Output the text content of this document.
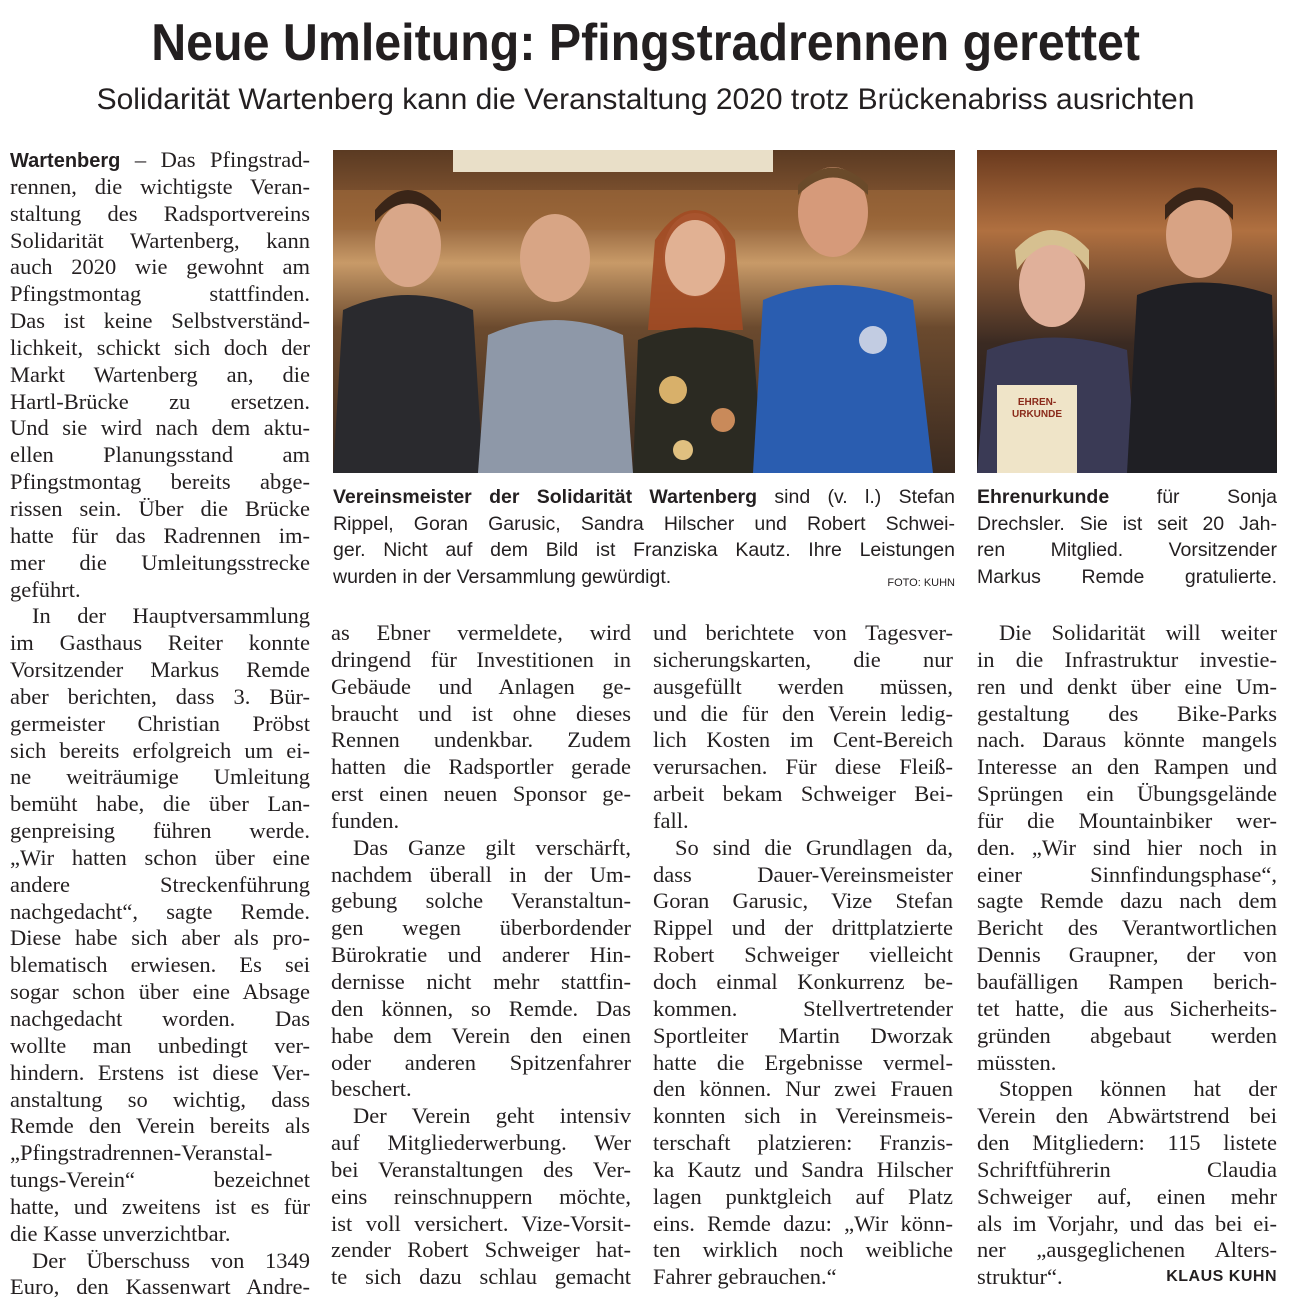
Neue Umleitung: Pfingstradrennen gerettet
Solidarität Wartenberg kann die Veranstaltung 2020 trotz Brückenabriss ausrichten
EHREN-
URKUNDE
Vereinsmeister der Solidarität Wartenberg sind (v. l.) Stefan
Rippel, Goran Garusic, Sandra Hilscher und Robert Schwei-
ger. Nicht auf dem Bild ist Franziska Kautz. Ihre Leistungen
wurden in der Versammlung gewürdigt.	FOTO: KUHN
Ehrenurkunde für Sonja
Drechsler. Sie ist seit 20 Jah-
ren Mitglied. Vorsitzender
Markus Remde gratulierte.
Wartenberg – Das Pfingstrad-
rennen, die wichtigste Veran-
staltung des Radsportvereins
Solidarität Wartenberg, kann
auch 2020 wie gewohnt am
Pfingstmontag stattfinden.
Das ist keine Selbstverständ-
lichkeit, schickt sich doch der
Markt Wartenberg an, die
Hartl-Brücke zu ersetzen.
Und sie wird nach dem aktu-
ellen Planungsstand am
Pfingstmontag bereits abge-
rissen sein. Über die Brücke
hatte für das Radrennen im-
mer die Umleitungsstrecke
geführt.
In der Hauptversammlung
im Gasthaus Reiter konnte
Vorsitzender Markus Remde
aber berichten, dass 3. Bür-
germeister Christian Pröbst
sich bereits erfolgreich um ei-
ne weiträumige Umleitung
bemüht habe, die über Lan-
genpreising führen werde.
„Wir hatten schon über eine
andere Streckenführung
nachgedacht“, sagte Remde.
Diese habe sich aber als pro-
blematisch erwiesen. Es sei
sogar schon über eine Absage
nachgedacht worden. Das
wollte man unbedingt ver-
hindern. Erstens ist diese Ver-
anstaltung so wichtig, dass
Remde den Verein bereits als
„Pfingstradrennen-Veranstal-
tungs-Verein“ bezeichnet
hatte, und zweitens ist es für
die Kasse unverzichtbar.
Der Überschuss von 1349
Euro, den Kassenwart Andre-
as Ebner vermeldete, wird
dringend für Investitionen in
Gebäude und Anlagen ge-
braucht und ist ohne dieses
Rennen undenkbar. Zudem
hatten die Radsportler gerade
erst einen neuen Sponsor ge-
funden.
Das Ganze gilt verschärft,
nachdem überall in der Um-
gebung solche Veranstaltun-
gen wegen überbordender
Bürokratie und anderer Hin-
dernisse nicht mehr stattfin-
den können, so Remde. Das
habe dem Verein den einen
oder anderen Spitzenfahrer
beschert.
Der Verein geht intensiv
auf Mitgliederwerbung. Wer
bei Veranstaltungen des Ver-
eins reinschnuppern möchte,
ist voll versichert. Vize-Vorsit-
zender Robert Schweiger hat-
te sich dazu schlau gemacht
und berichtete von Tagesver-
sicherungskarten, die nur
ausgefüllt werden müssen,
und die für den Verein ledig-
lich Kosten im Cent-Bereich
verursachen. Für diese Fleiß-
arbeit bekam Schweiger Bei-
fall.
So sind die Grundlagen da,
dass Dauer-Vereinsmeister
Goran Garusic, Vize Stefan
Rippel und der drittplatzierte
Robert Schweiger vielleicht
doch einmal Konkurrenz be-
kommen. Stellvertretender
Sportleiter Martin Dworzak
hatte die Ergebnisse vermel-
den können. Nur zwei Frauen
konnten sich in Vereinsmeis-
terschaft platzieren: Franzis-
ka Kautz und Sandra Hilscher
lagen punktgleich auf Platz
eins. Remde dazu: „Wir könn-
ten wirklich noch weibliche
Fahrer gebrauchen.“
Die Solidarität will weiter
in die Infrastruktur investie-
ren und denkt über eine Um-
gestaltung des Bike-Parks
nach. Daraus könnte mangels
Interesse an den Rampen und
Sprüngen ein Übungsgelände
für die Mountainbiker wer-
den. „Wir sind hier noch in
einer Sinnfindungsphase“,
sagte Remde dazu nach dem
Bericht des Verantwortlichen
Dennis Graupner, der von
baufälligen Rampen berich-
tet hatte, die aus Sicherheits-
gründen abgebaut werden
müssten.
Stoppen können hat der
Verein den Abwärtstrend bei
den Mitgliedern: 115 listete
Schriftführerin Claudia
Schweiger auf, einen mehr
als im Vorjahr, und das bei ei-
ner „ausgeglichenen Alters-
struktur“.	KLAUS KUHN
